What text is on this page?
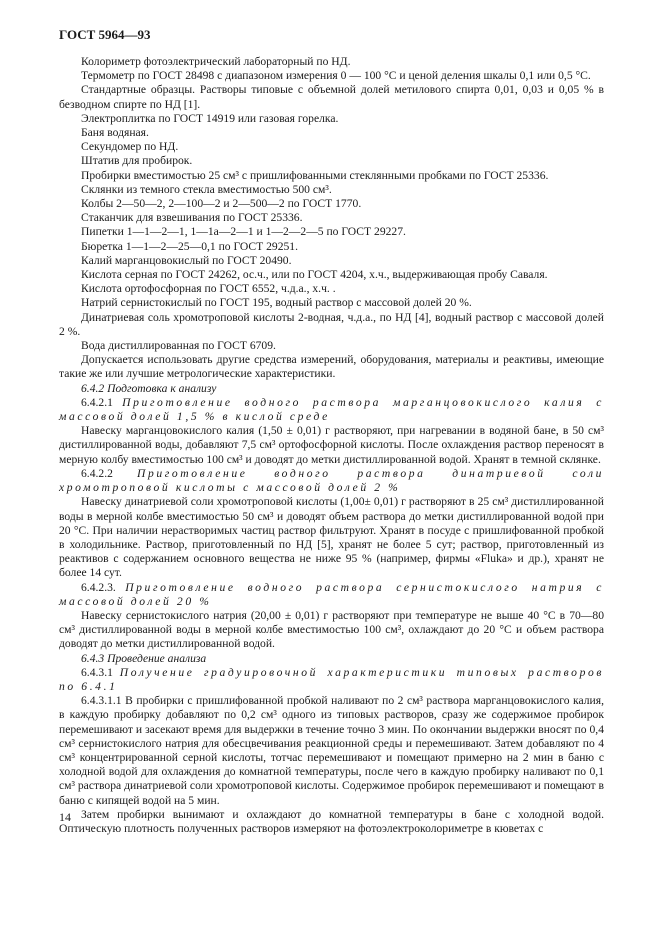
ГОСТ 5964—93

Колориметр фотоэлектрический лабораторный по НД.

Термометр по ГОСТ 28498 с диапазоном измерения 0 — 100 °С и ценой деления шкалы 0,1 или 0,5 °С.

Стандартные образцы. Растворы типовые с объемной долей метилового спирта 0,01, 0,03 и 0,05 % в безводном спирте по НД [1].

Электроплитка по ГОСТ 14919 или газовая горелка.

Баня водяная.

Секундомер по НД.

Штатив для пробирок.

Пробирки вместимостью 25 см³ с пришлифованными стеклянными пробками по ГОСТ 25336.

Склянки из темного стекла вместимостью 500 см³.

Колбы 2—50—2, 2—100—2 и 2—500—2 по ГОСТ 1770.

Стаканчик для взвешивания по ГОСТ 25336.

Пипетки 1—1—2—1, 1—1а—2—1 и 1—2—2—5 по ГОСТ 29227.

Бюретка 1—1—2—25—0,1 по ГОСТ 29251.

Калий марганцовокислый по ГОСТ 20490.

Кислота серная по ГОСТ 24262, ос.ч., или по ГОСТ 4204, х.ч., выдерживающая пробу Саваля.

Кислота ортофосфорная по ГОСТ 6552, ч.д.а., х.ч. .

Натрий сернистокислый по ГОСТ 195, водный раствор с массовой долей 20 %.

Динатриевая соль хромотроповой кислоты 2-водная, ч.д.а., по НД [4], водный раствор с массовой долей 2 %.

Вода дистиллированная по ГОСТ 6709.

Допускается использовать другие средства измерений, оборудования, материалы и реактивы, имеющие такие же или лучшие метрологические характеристики.

6.4.2 Подготовка к анализу

6.4.2.1 Приготовление водного раствора марганцовокислого калия с массовой долей 1,5 % в кислой среде

Навеску марганцовокислого калия (1,50 ± 0,01) г растворяют, при нагревании в водяной бане, в 50 см³ дистиллированной воды, добавляют 7,5 см³ ортофосфорной кислоты. После охлаждения раствор переносят в мерную колбу вместимостью 100 см³ и доводят до метки дистиллированной водой. Хранят в темной склянке.

6.4.2.2 Приготовление водного раствора динатриевой соли хромотроповой кислоты с массовой долей 2 %

Навеску динатриевой соли хромотроповой кислоты (1,00± 0,01) г растворяют в 25 см³ дистиллированной воды в мерной колбе вместимостью 50 см³ и доводят объем раствора до метки дистиллированной водой при 20 °С. При наличии нерастворимых частиц раствор фильтруют. Хранят в посуде с пришлифованной пробкой в холодильнике. Раствор, приготовленный по НД [5], хранят не более 5 сут; раствор, приготовленный из реактивов с содержанием основного вещества не ниже 95 % (например, фирмы «Fluka» и др.), хранят не более 14 сут.

6.4.2.3. Приготовление водного раствора сернистокислого натрия с массовой долей 20 %

Навеску сернистокислого натрия (20,00 ± 0,01) г растворяют при температуре не выше 40 °С в 70—80 см³ дистиллированной воды в мерной колбе вместимостью 100 см³, охлаждают до 20 °С и объем раствора доводят до метки дистиллированной водой.

6.4.3 Проведение анализа

6.4.3.1 Получение градуировочной характеристики типовых растворов по 6.4.1

6.4.3.1.1 В пробирки с пришлифованной пробкой наливают по 2 см³ раствора марганцовокислого калия, в каждую пробирку добавляют по 0,2 см³ одного из типовых растворов, сразу же содержимое пробирок перемешивают и засекают время для выдержки в течение точно 3 мин. По окончании выдержки вносят по 0,4 см³ сернистокислого натрия для обесцвечивания реакционной среды и перемешивают. Затем добавляют по 4 см³ концентрированной серной кислоты, тотчас перемешивают и помещают примерно на 2 мин в баню с холодной водой для охлаждения до комнатной температуры, после чего в каждую пробирку наливают по 0,1 см³ раствора динатриевой соли хромотроповой кислоты. Содержимое пробирок перемешивают и помещают в баню с кипящей водой на 5 мин.

Затем пробирки вынимают и охлаждают до комнатной температуры в бане с холодной водой. Оптическую плотность полученных растворов измеряют на фотоэлектроколориметре в кюветах с

14
